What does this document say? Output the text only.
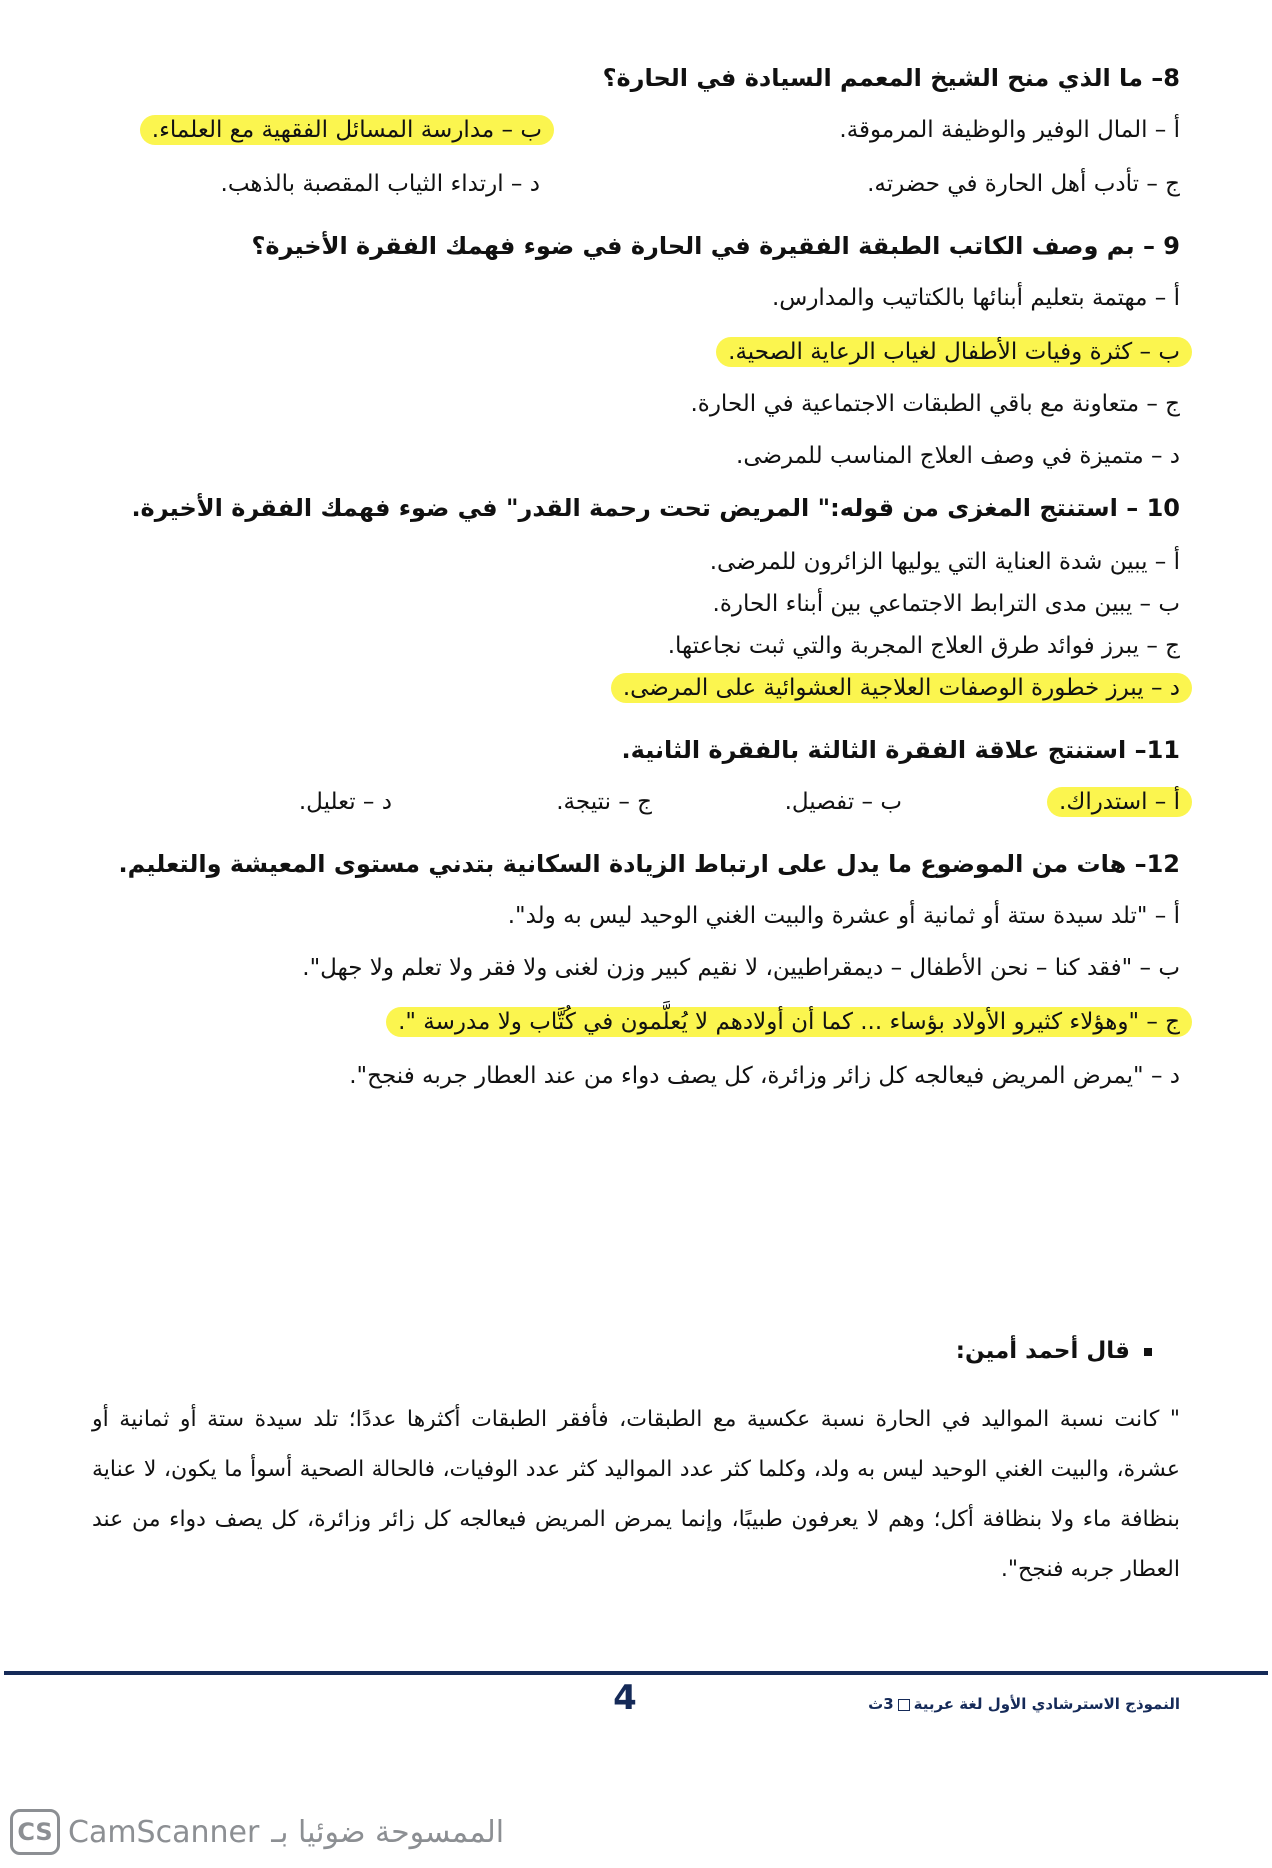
8– ما الذي منح الشيخ المعمم السيادة في الحارة؟
أ – المال الوفير والوظيفة المرموقة.
ب – مدارسة المسائل الفقهية مع العلماء.
ج – تأدب أهل الحارة في حضرته.
د – ارتداء الثياب المقصبة بالذهب.
9 – بم وصف الكاتب الطبقة الفقيرة في الحارة في ضوء فهمك الفقرة الأخيرة؟
أ – مهتمة بتعليم أبنائها بالكتاتيب والمدارس.
ب – كثرة وفيات الأطفال لغياب الرعاية الصحية.
ج – متعاونة مع باقي الطبقات الاجتماعية في الحارة.
د – متميزة في وصف العلاج المناسب للمرضى.
10 – استنتج المغزى من قوله:" المريض تحت رحمة القدر" في ضوء فهمك الفقرة الأخيرة.
أ – يبين شدة العناية التي يوليها الزائرون للمرضى.
ب – يبين مدى الترابط الاجتماعي بين أبناء الحارة.
ج – يبرز فوائد طرق العلاج المجربة والتي ثبت نجاعتها.
د – يبرز خطورة الوصفات العلاجية العشوائية على المرضى.
11– استنتج علاقة الفقرة الثالثة بالفقرة الثانية.
أ – استدراك.
ب – تفصيل.
ج – نتيجة.
د – تعليل.
12– هات من الموضوع ما يدل على ارتباط الزيادة السكانية بتدني مستوى المعيشة والتعليم.
أ – "تلد سيدة ستة أو ثمانية أو عشرة والبيت الغني الوحيد ليس به ولد".
ب – "فقد كنا – نحن الأطفال – ديمقراطيين، لا نقيم كبير وزن لغنى ولا فقر ولا تعلم ولا جهل".
ج – "وهؤلاء كثيرو الأولاد بؤساء ... كما أن أولادهم لا يُعلَّمون في كُتَّاب ولا مدرسة ".
د – "يمرض المريض فيعالجه كل زائر وزائرة، كل يصف دواء من عند العطار جربه فنجح".
قال أحمد أمين:
" كانت نسبة المواليد في الحارة نسبة عكسية مع الطبقات، فأفقر الطبقات أكثرها عددًا؛ تلد سيدة ستة أو ثمانية أو عشرة، والبيت الغني الوحيد ليس به ولد، وكلما كثر عدد المواليد كثر عدد الوفيات، فالحالة الصحية أسوأ ما يكون، لا عناية بنظافة ماء ولا بنظافة أكل؛ وهم لا يعرفون طبيبًا، وإنما يمرض المريض فيعالجه كل زائر وزائرة، كل يصف دواء من عند العطار جربه فنجح".
4	النموذج الاسترشادي الأول لغة عربية3ث
CS CamScanner الممسوحة ضوئيا بـ
